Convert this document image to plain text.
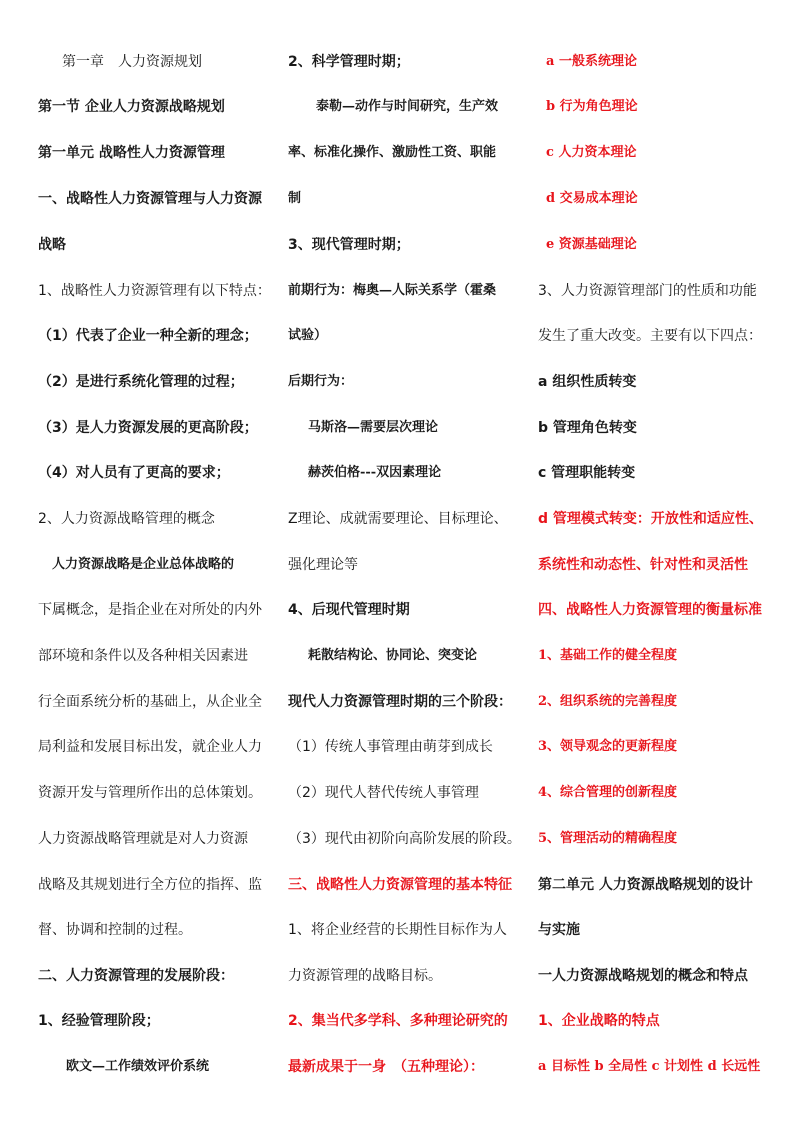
第一章　人力资源规划
第一节 企业人力资源战略规划
第一单元 战略性人力资源管理
一、战略性人力资源管理与人力资源
战略
1、战略性人力资源管理有以下特点：
（1）代表了企业一种全新的理念；
（2）是进行系统化管理的过程；
（3）是人力资源发展的更高阶段；
（4）对人员有了更高的要求；
2、人力资源战略管理的概念
人力资源战略是企业总体战略的
下属概念，是指企业在对所处的内外
部环境和条件以及各种相关因素进
行全面系统分析的基础上，从企业全
局利益和发展目标出发，就企业人力
资源开发与管理所作出的总体策划。
人力资源战略管理就是对人力资源
战略及其规划进行全方位的指挥、监
督、协调和控制的过程。
二、人力资源管理的发展阶段：
1、经验管理阶段；
欧文—工作绩效评价系统
2、科学管理时期；
泰勒—动作与时间研究，生产效
率、标准化操作、激励性工资、职能
制
3、现代管理时期；
前期行为：梅奥—人际关系学（霍桑
试验）
后期行为：
马斯洛—需要层次理论
赫茨伯格---双因素理论
Z理论、成就需要理论、目标理论、
强化理论等
4、后现代管理时期
耗散结构论、协同论、突变论
现代人力资源管理时期的三个阶段：
（1）传统人事管理由萌芽到成长
（2）现代人替代传统人事管理
（3）现代由初阶向高阶发展的阶段。
三、战略性人力资源管理的基本特征
1、将企业经营的长期性目标作为人
力资源管理的战略目标。
2、集当代多学科、多种理论研究的
最新成果于一身　（五种理论）：
a 一般系统理论
b 行为角色理论
c 人力资本理论
d 交易成本理论
e 资源基础理论
3、人力资源管理部门的性质和功能
发生了重大改变。主要有以下四点：
a 组织性质转变
b 管理角色转变
c 管理职能转变
d 管理模式转变：开放性和适应性、
系统性和动态性、针对性和灵活性
四、战略性人力资源管理的衡量标准
1、基础工作的健全程度
2、组织系统的完善程度
3、领导观念的更新程度
4、综合管理的创新程度
5、管理活动的精确程度
第二单元 人力资源战略规划的设计
与实施
一人力资源战略规划的概念和特点
1、企业战略的特点
a 目标性 b 全局性 c 计划性 d 长远性
